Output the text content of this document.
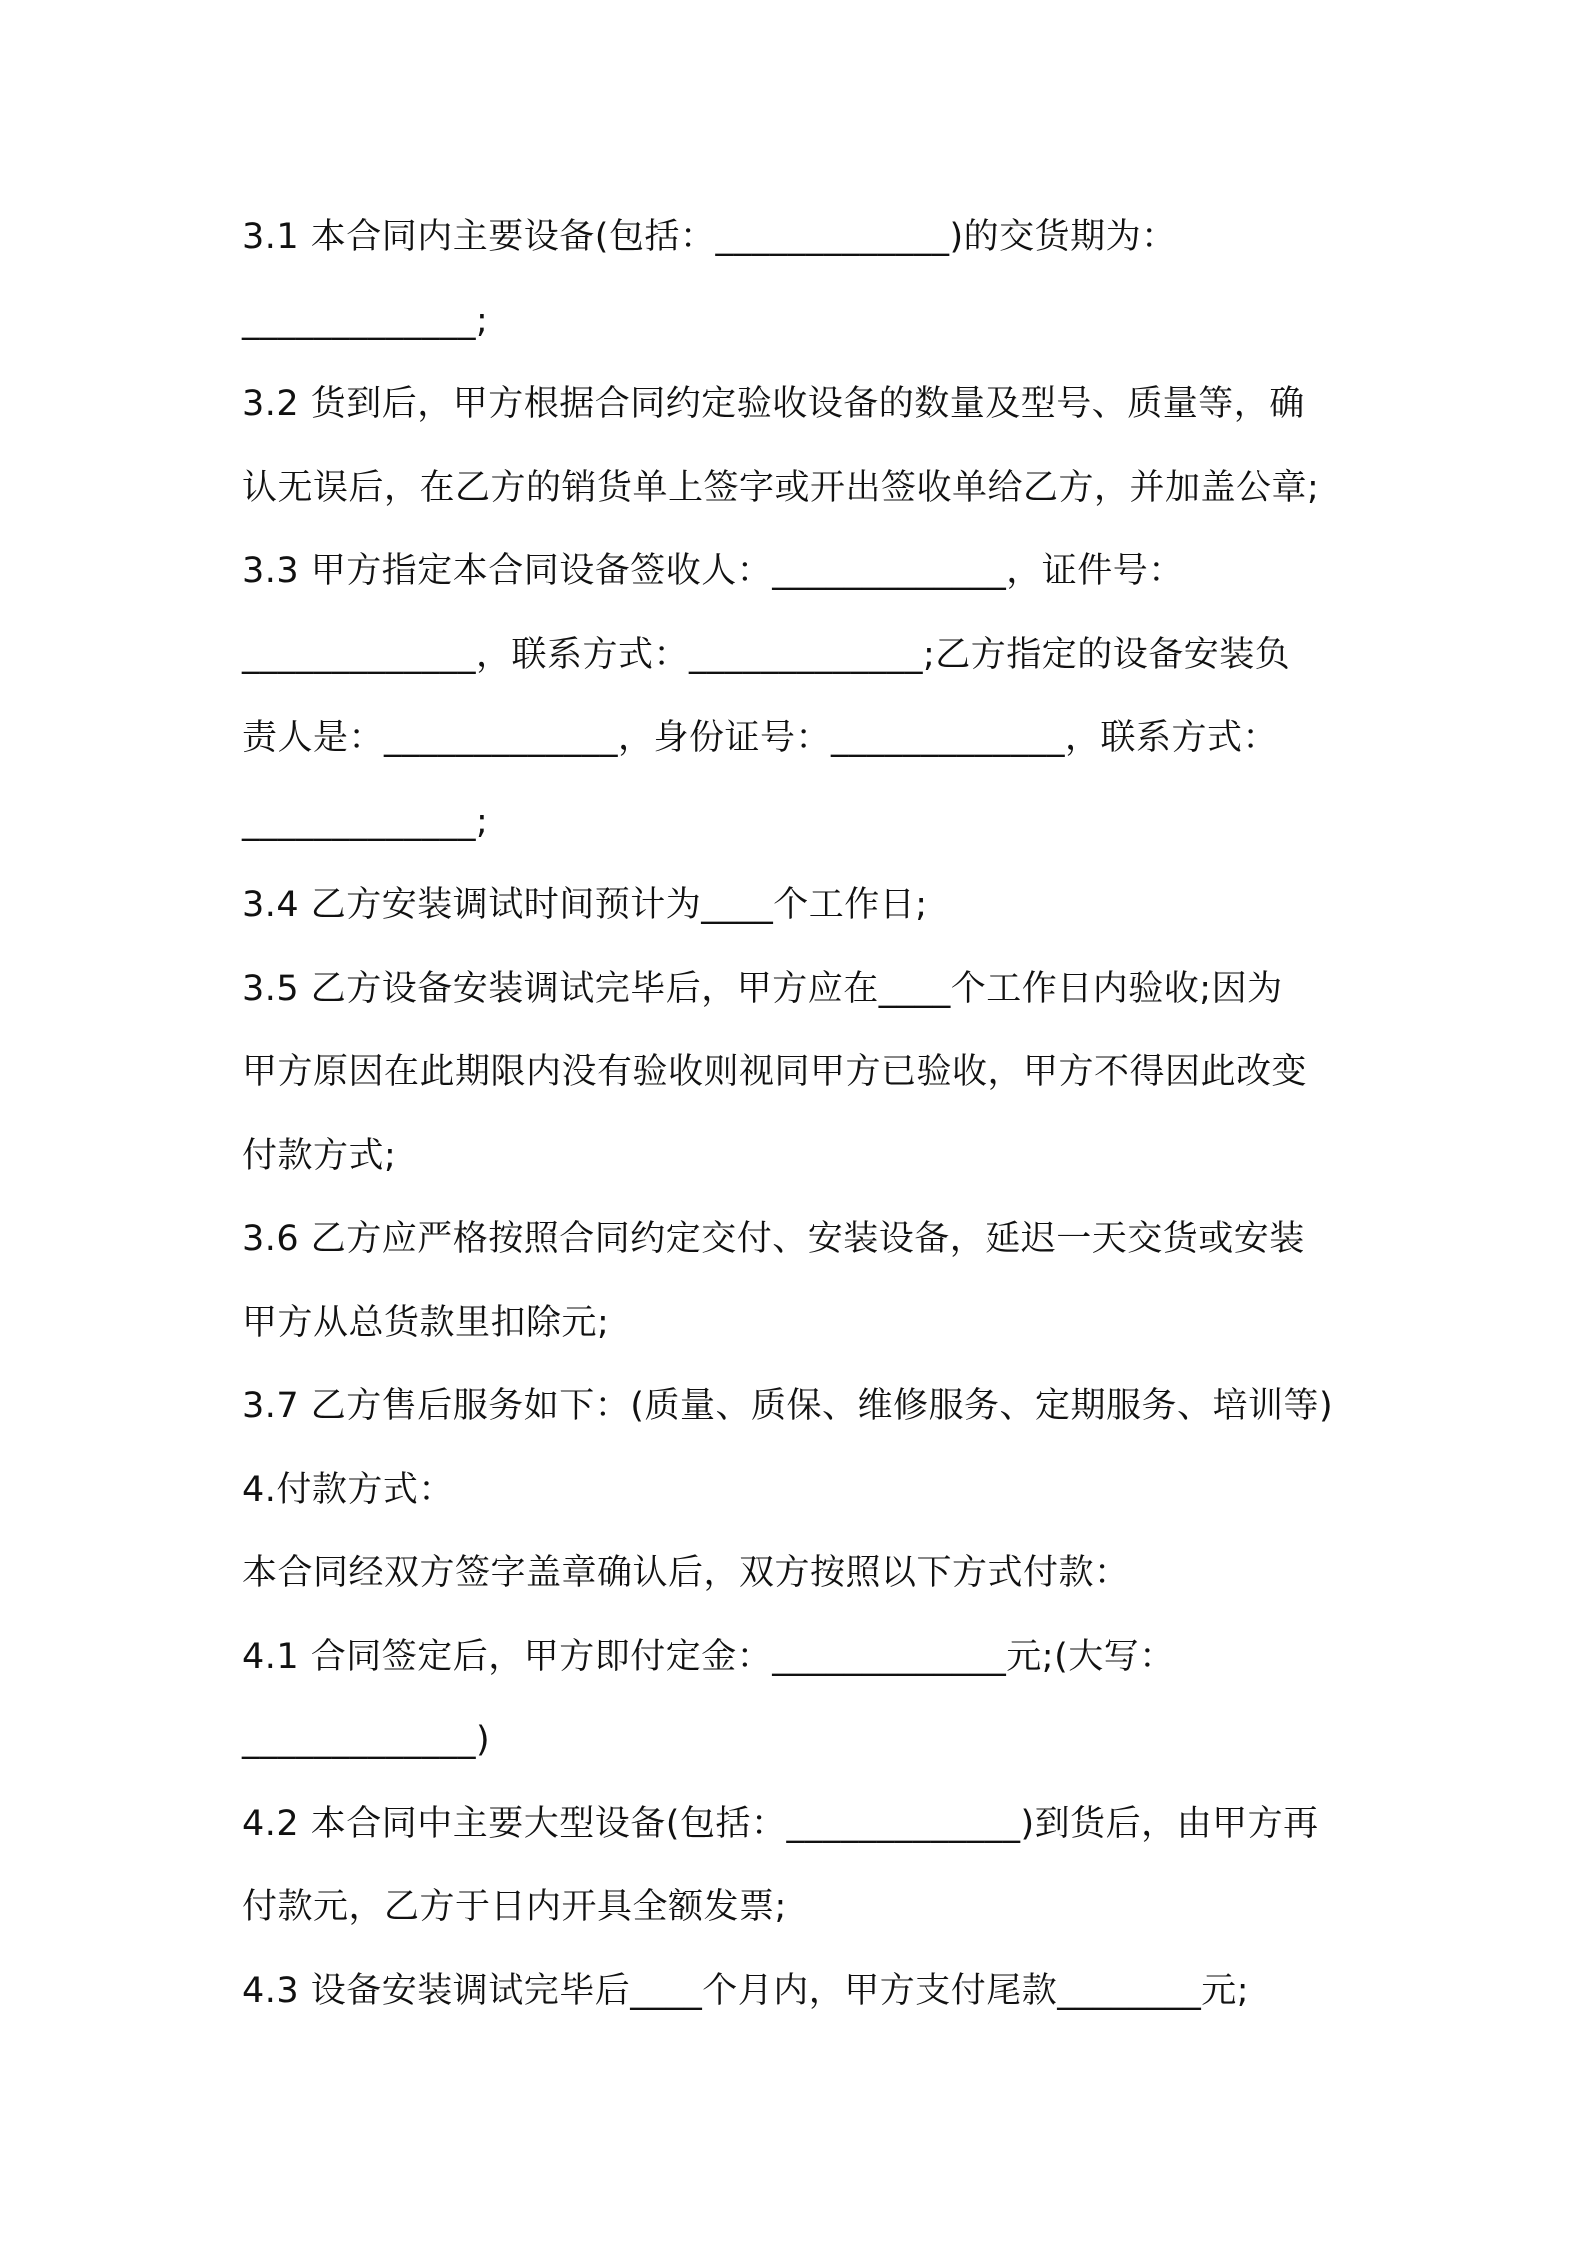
3.1 本合同内主要设备(包括：_____________)的交货期为：
_____________;
3.2 货到后，甲方根据合同约定验收设备的数量及型号、质量等，确
认无误后，在乙方的销货单上签字或开出签收单给乙方，并加盖公章;
3.3 甲方指定本合同设备签收人：_____________，证件号：
_____________，联系方式：_____________;乙方指定的设备安装负
责人是：_____________，身份证号：_____________，联系方式：
_____________;
3.4 乙方安装调试时间预计为____个工作日;
3.5 乙方设备安装调试完毕后，甲方应在____个工作日内验收;因为
甲方原因在此期限内没有验收则视同甲方已验收，甲方不得因此改变
付款方式;
3.6 乙方应严格按照合同约定交付、安装设备，延迟一天交货或安装
甲方从总货款里扣除元;
3.7 乙方售后服务如下：(质量、质保、维修服务、定期服务、培训等)
4.付款方式：
本合同经双方签字盖章确认后，双方按照以下方式付款：
4.1 合同签定后，甲方即付定金：_____________元;(大写：
_____________)
4.2 本合同中主要大型设备(包括：_____________)到货后，由甲方再
付款元，乙方于日内开具全额发票;
4.3 设备安装调试完毕后____个月内，甲方支付尾款________元;
